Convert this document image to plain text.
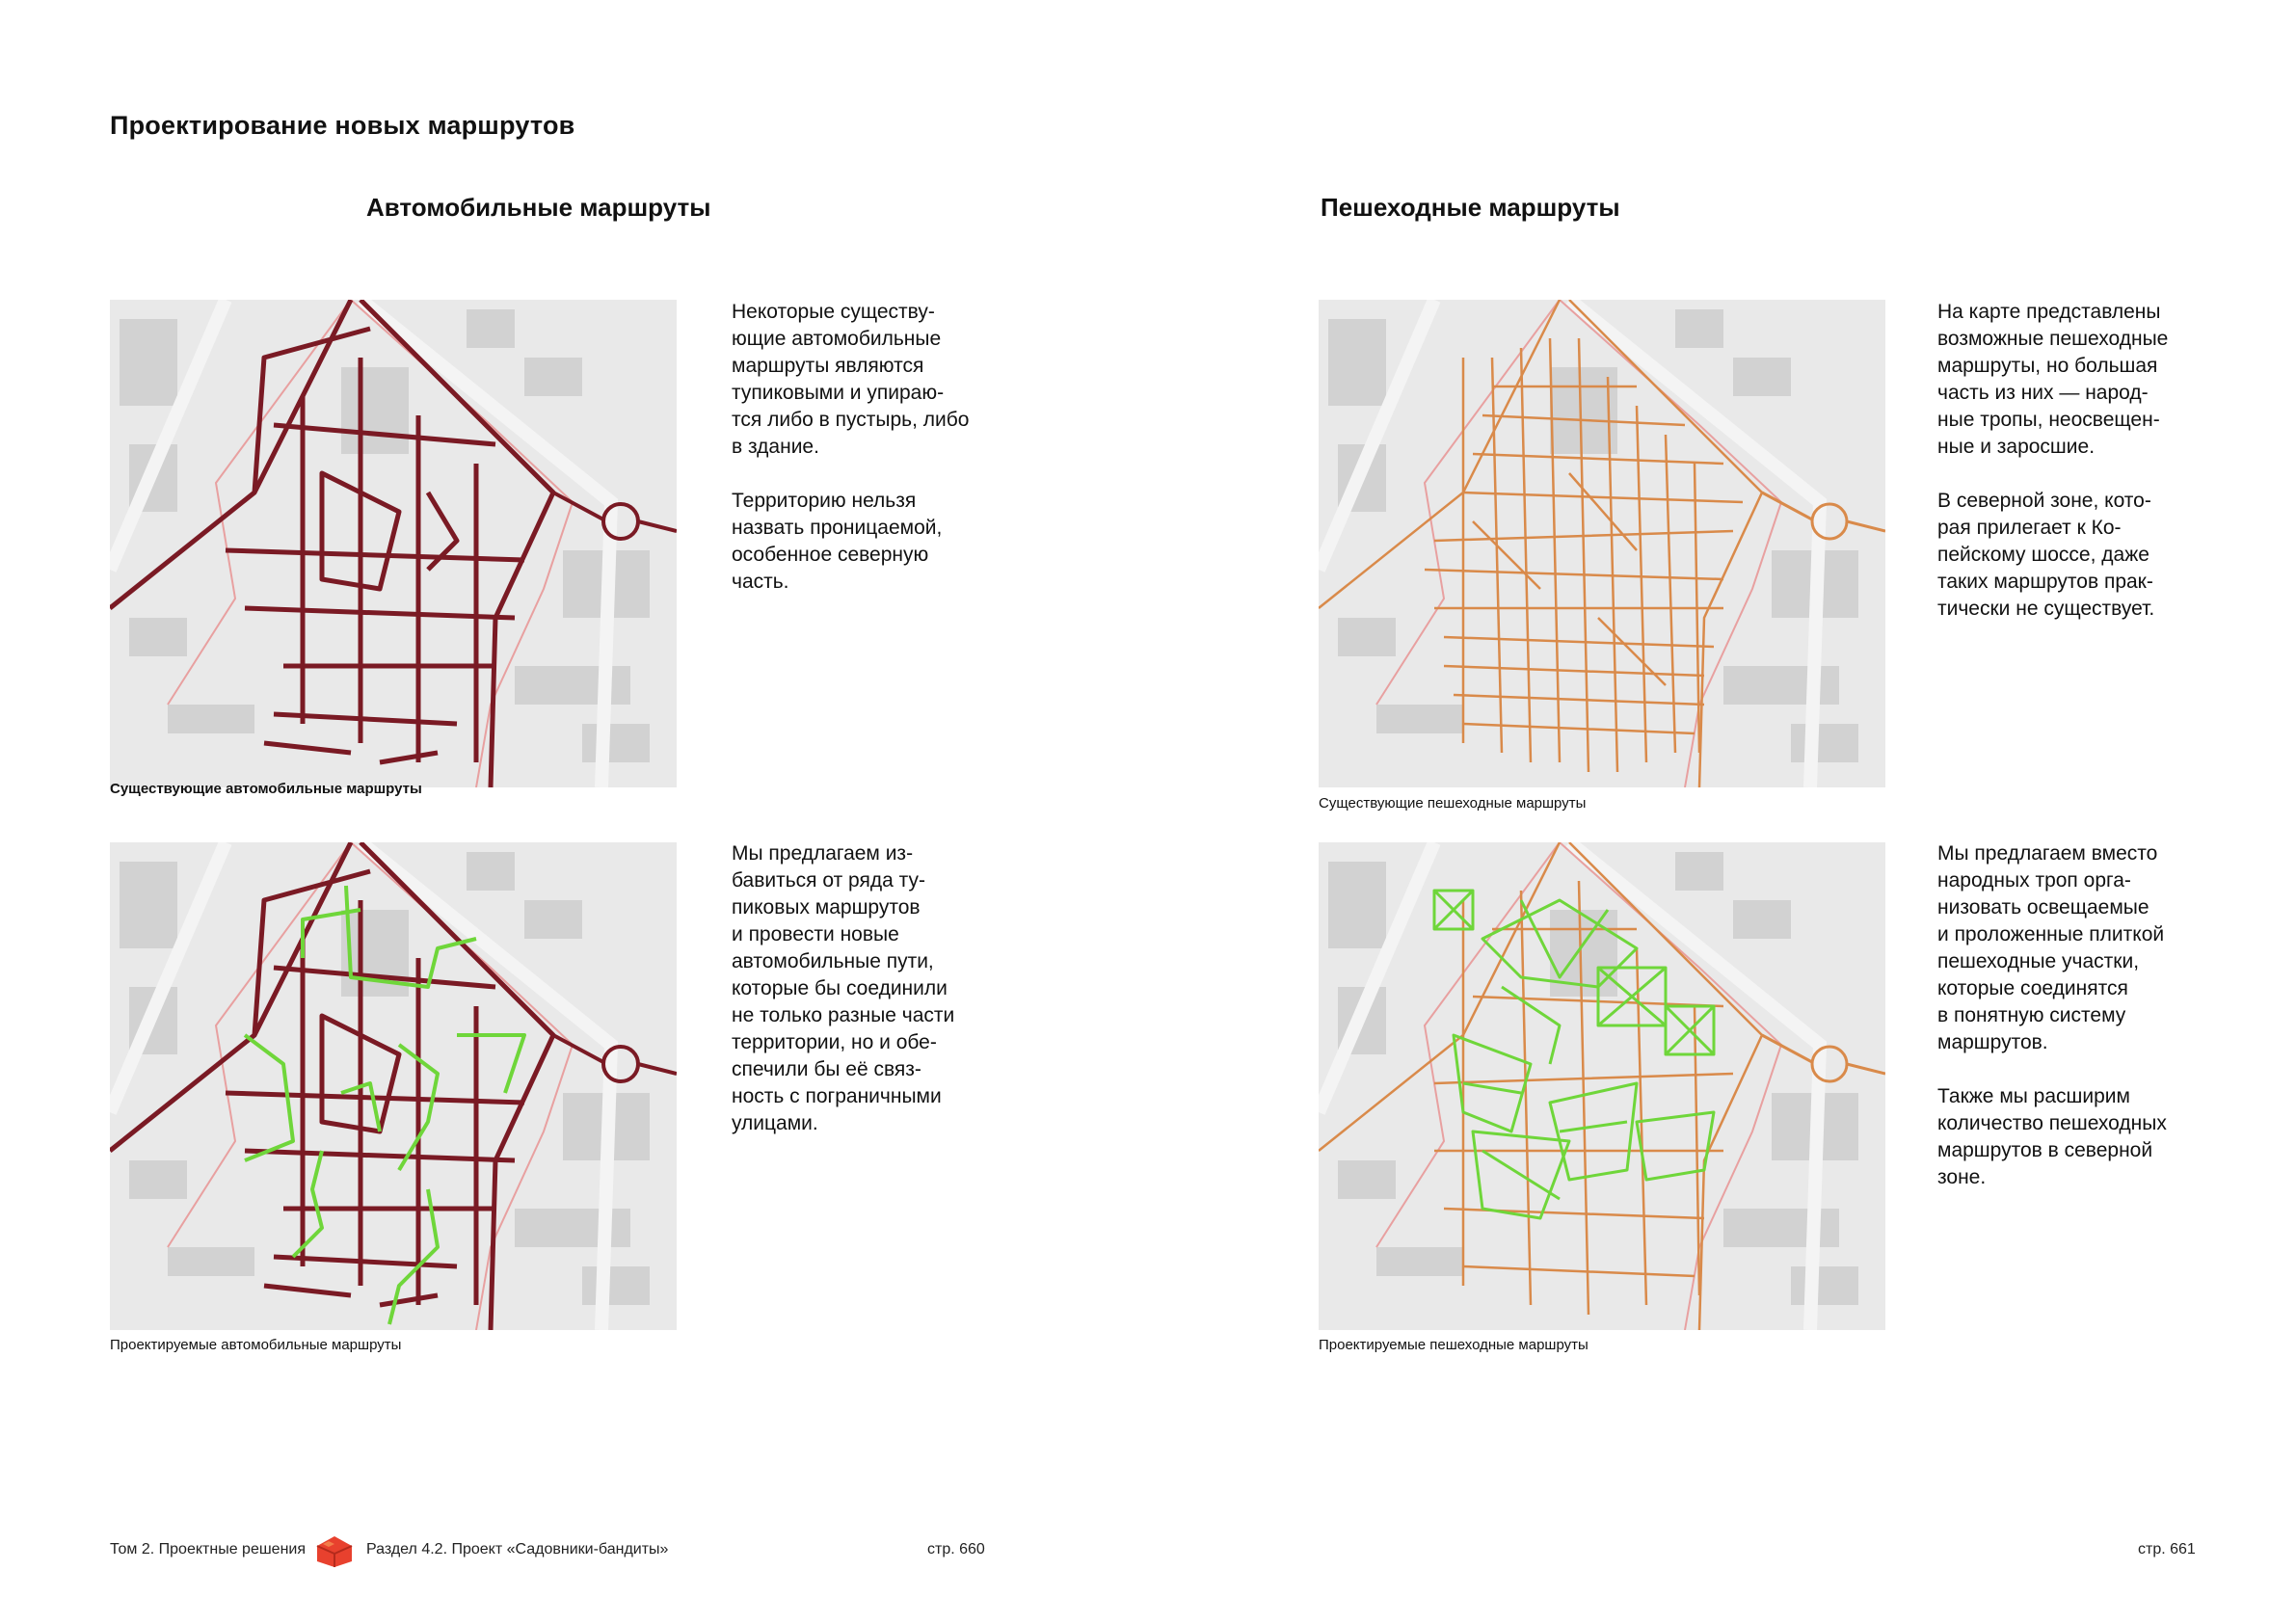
Проектирование новых маршрутов
Автомобильные маршруты	Пешеходные маршруты
Существующие автомобильные маршруты
Некоторые существу-
ющие автомобильные
маршруты являются
тупиковыми и упираю-
тся либо в пустырь, либо
в здание.

Территорию нельзя
назвать проницаемой,
особенное северную
часть.
Проектируемые автомобильные маршруты
Мы предлагаем из-
бавиться от ряда ту-
пиковых маршрутов
и провести новые
автомобильные пути,
которые бы соединили
не только разные части
территории, но и обе-
спечили бы её связ-
ность с пограничными
улицами.
Существующие пешеходные маршруты
На карте представлены
возможные пешеходные
маршруты, но большая
часть из них — народ-
ные тропы, неосвещен-
ные и заросшие.

В северной зоне, кото-
рая прилегает к Ко-
пейскому шоссе, даже
таких маршрутов прак-
тически не существует.
Проектируемые пешеходные маршруты
Мы предлагаем вместо
народных троп орга-
низовать освещаемые
и проложенные плиткой
пешеходные участки,
которые соединятся
в понятную систему
маршрутов.

Также мы расширим
количество пешеходных
маршрутов в северной
зоне.
Том 2. Проектные решения	Раздел 4.2. Проект «Садовники-бандиты»	стр. 660	стр. 661
